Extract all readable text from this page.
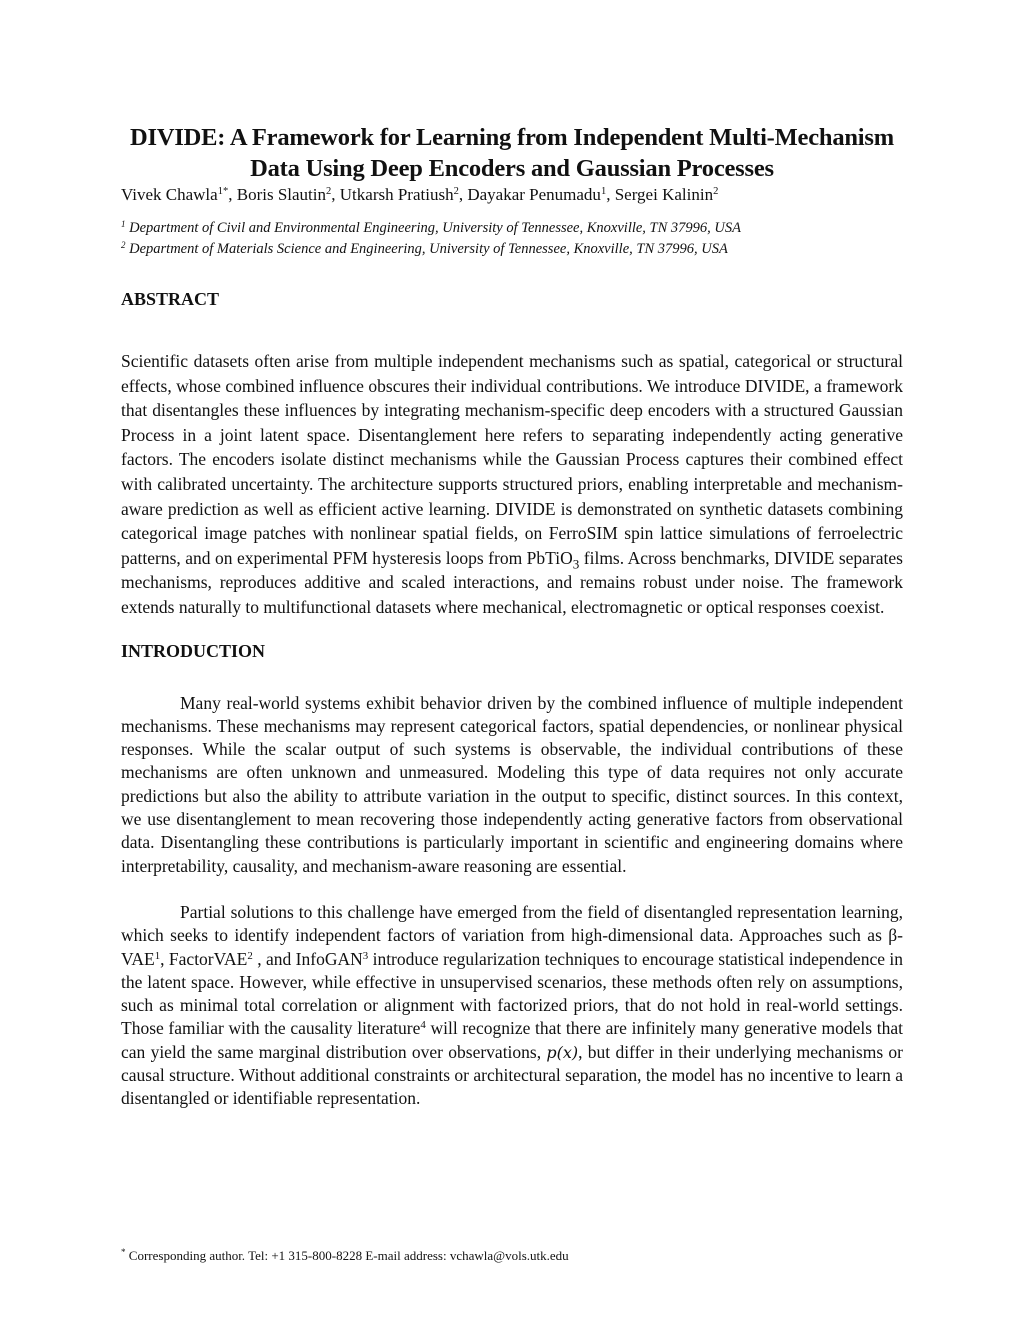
DIVIDE: A Framework for Learning from Independent Multi-Mechanism Data Using Deep Encoders and Gaussian Processes

Vivek Chawla$^{1*}$, Boris Slautin$^2$, Utkarsh Pratiush$^2$, Dayakar Penumadu$^1$, Sergei Kalinin$^2$

$^1$ Department of Civil and Environmental Engineering, University of Tennessee, Knoxville, TN 37996, USA
$^2$ Department of Materials Science and Engineering, University of Tennessee, Knoxville, TN 37996, USA
ABSTRACT

Scientific datasets often arise from multiple independent mechanisms such as spatial, categorical or structural effects, whose combined influence obscures their individual contributions. We introduce DIVIDE, a framework that disentangles these influences by integrating mechanism-specific deep encoders with a structured Gaussian Process in a joint latent space. Disentanglement here refers to separating independently acting generative factors. The encoders isolate distinct mechanisms while the Gaussian Process captures their combined effect with calibrated uncertainty. The architecture supports structured priors, enabling interpretable and mechanism-aware prediction as well as efficient active learning. DIVIDE is demonstrated on synthetic datasets combining categorical image patches with nonlinear spatial fields, on FerroSIM spin lattice simulations of ferroelectric patterns, and on experimental PFM hysteresis loops from PbTiO$_3$ films. Across benchmarks, DIVIDE separates mechanisms, reproduces additive and scaled interactions, and remains robust under noise. The framework extends naturally to multifunctional datasets where mechanical, electromagnetic or optical responses coexist.

INTRODUCTION

Many real-world systems exhibit behavior driven by the combined influence of multiple independent mechanisms. These mechanisms may represent categorical factors, spatial dependencies, or nonlinear physical responses. While the scalar output of such systems is observable, the individual contributions of these mechanisms are often unknown and unmeasured. Modeling this type of data requires not only accurate predictions but also the ability to attribute variation in the output to specific, distinct sources. In this context, we use disentanglement to mean recovering those independently acting generative factors from observational data. Disentangling these contributions is particularly important in scientific and engineering domains where interpretability, causality, and mechanism-aware reasoning are essential.

Partial solutions to this challenge have emerged from the field of disentangled representation learning, which seeks to identify independent factors of variation from high-dimensional data. Approaches such as β-VAE$^1$, FactorVAE$^2$ , and InfoGAN$^3$ introduce regularization techniques to encourage statistical independence in the latent space. However, while effective in unsupervised scenarios, these methods often rely on assumptions, such as minimal total correlation or alignment with factorized priors, that do not hold in real-world settings. Those familiar with the causality literature$^4$ will recognize that there are infinitely many generative models that can yield the same marginal distribution over observations, p(x), but differ in their underlying mechanisms or causal structure. Without additional constraints or architectural separation, the model has no incentive to learn a disentangled or identifiable representation.

* Corresponding author. Tel: +1 315-800-8228 E-mail address: vchawla@vols.utk.edu
